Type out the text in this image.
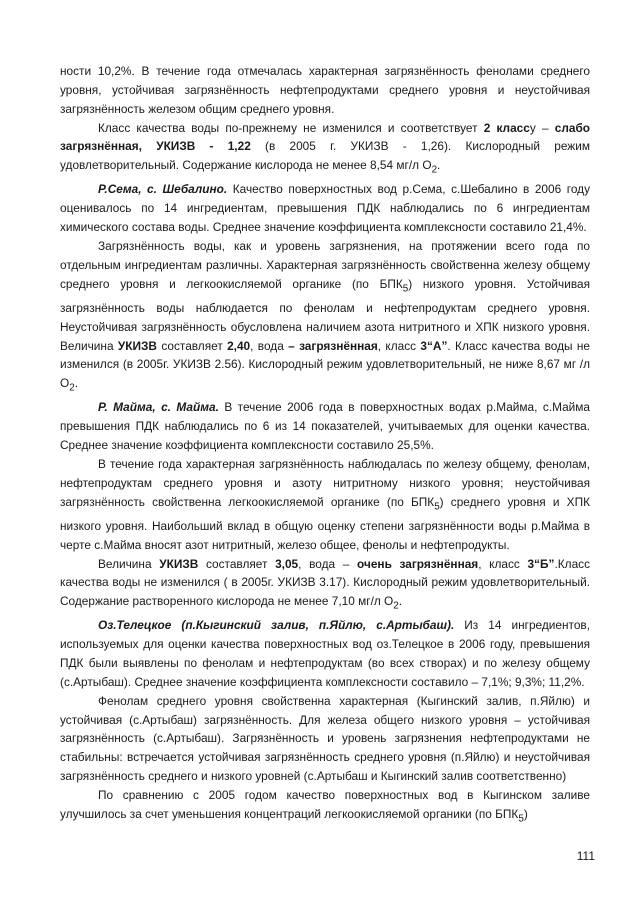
ности 10,2%. В течение года отмечалась характерная загрязнённость фенолами среднего уровня, устойчивая загрязнённость нефтепродуктами среднего уровня и неустойчивая загрязнённость железом общим среднего уровня.

Класс качества воды по-прежнему не изменился и соответствует 2 классу – слабо загрязнённая, УКИЗВ - 1,22 (в 2005 г. УКИЗВ - 1,26). Кислородный режим удовлетворительный. Содержание кислорода не менее 8,54 мг/л $O_2$.

Р.Сема, с. Шебалино. Качество поверхностных вод р.Сема, с.Шебалино в 2006 году оценивалось по 14 ингредиентам, превышения ПДК наблюдались по 6 ингредиентам химического состава воды. Среднее значение коэффициента комплексности составило 21,4%.

Загрязнённость воды, как и уровень загрязнения, на протяжении всего года по отдельным ингредиентам различны. Характерная загрязнённость свойственна железу общему среднего уровня и легкоокисляемой органике (по $БПК_5$) низкого уровня. Устойчивая загрязнённость воды наблюдается по фенолам и нефтепродуктам среднего уровня. Неустойчивая загрязнённость обусловлена наличием азота нитритного и ХПК низкого уровня. Величина УКИЗВ составляет 2,40, вода – загрязнённая, класс 3“А”. Класс качества воды не изменился (в 2005г. УКИЗВ 2.56). Кислородный режим удовлетворительный, не ниже 8,67 мг /л $O_2$.

Р. Майма, с. Майма. В течение 2006 года в поверхностных водах р.Майма, с.Майма превышения ПДК наблюдались по 6 из 14 показателей, учитываемых для оценки качества. Среднее значение коэффициента комплексности составило 25,5%.

В течение года характерная загрязнённость наблюдалась по железу общему, фенолам, нефтепродуктам среднего уровня и азоту нитритному низкого уровня; неустойчивая загрязнённость свойственна легкоокисляемой органике (по $БПК_5$) среднего уровня и ХПК низкого уровня. Наибольший вклад в общую оценку степени загрязнённости воды р.Майма в черте с.Майма вносят азот нитритный, железо общее, фенолы и нефтепродукты.

Величина УКИЗВ составляет 3,05, вода – очень загрязнённая, класс 3“Б”.Класс качества воды не изменился ( в 2005г. УКИЗВ 3.17). Кислородный режим удовлетворительный. Содержание растворенного кислорода не менее 7,10 мг/л $O_2$.

Оз.Телецкое (п.Кыгинский залив, п.Яйлю, с.Артыбаш). Из 14 ингредиентов, используемых для оценки качества поверхностных вод оз.Телецкое в 2006 году, превышения ПДК были выявлены по фенолам и нефтепродуктам (во всех створах) и по железу общему (с.Артыбаш). Среднее значение коэффициента комплексности составило – 7,1%; 9,3%; 11,2%.

Фенолам среднего уровня свойственна характерная (Кыгинский залив, п.Яйлю) и устойчивая (с.Артыбаш) загрязнённость. Для железа общего низкого уровня – устойчивая загрязнённость (с.Артыбаш). Загрязнённость и уровень загрязнения нефтепродуктами не стабильны: встречается устойчивая загрязнённость среднего уровня (п.Яйлю) и неустойчивая загрязнённость среднего и низкого уровней (с.Артыбаш и Кыгинский залив соответственно)

По сравнению с 2005 годом качество поверхностных вод в Кыгинском заливе улучшилось за счет уменьшения концентраций легкоокисляемой органики (по $БПК_5$)

111
